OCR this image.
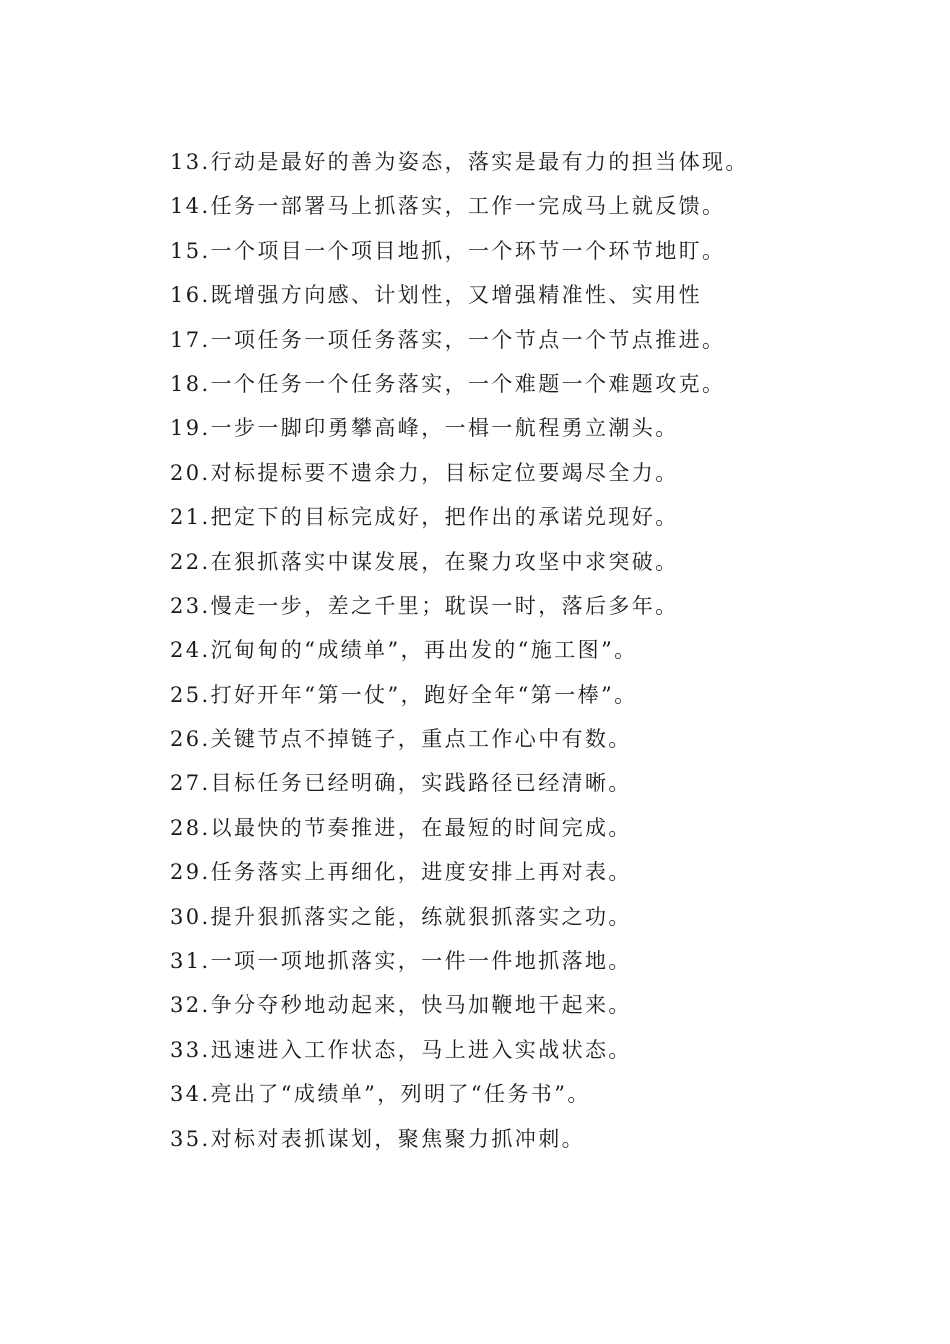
13.行动是最好的善为姿态，落实是最有力的担当体现。
14.任务一部署马上抓落实，工作一完成马上就反馈。
15.一个项目一个项目地抓，一个环节一个环节地盯。
16.既增强方向感、计划性，又增强精准性、实用性
17.一项任务一项任务落实，一个节点一个节点推进。
18.一个任务一个任务落实，一个难题一个难题攻克。
19.一步一脚印勇攀高峰，一楫一航程勇立潮头。
20.对标提标要不遗余力，目标定位要竭尽全力。
21.把定下的目标完成好，把作出的承诺兑现好。
22.在狠抓落实中谋发展，在聚力攻坚中求突破。
23.慢走一步，差之千里；耽误一时，落后多年。
24.沉甸甸的“成绩单”，再出发的“施工图”。
25.打好开年“第一仗”，跑好全年“第一棒”。
26.关键节点不掉链子，重点工作心中有数。
27.目标任务已经明确，实践路径已经清晰。
28.以最快的节奏推进，在最短的时间完成。
29.任务落实上再细化，进度安排上再对表。
30.提升狠抓落实之能，练就狠抓落实之功。
31.一项一项地抓落实，一件一件地抓落地。
32.争分夺秒地动起来，快马加鞭地干起来。
33.迅速进入工作状态，马上进入实战状态。
34.亮出了“成绩单”，列明了“任务书”。
35.对标对表抓谋划，聚焦聚力抓冲刺。
